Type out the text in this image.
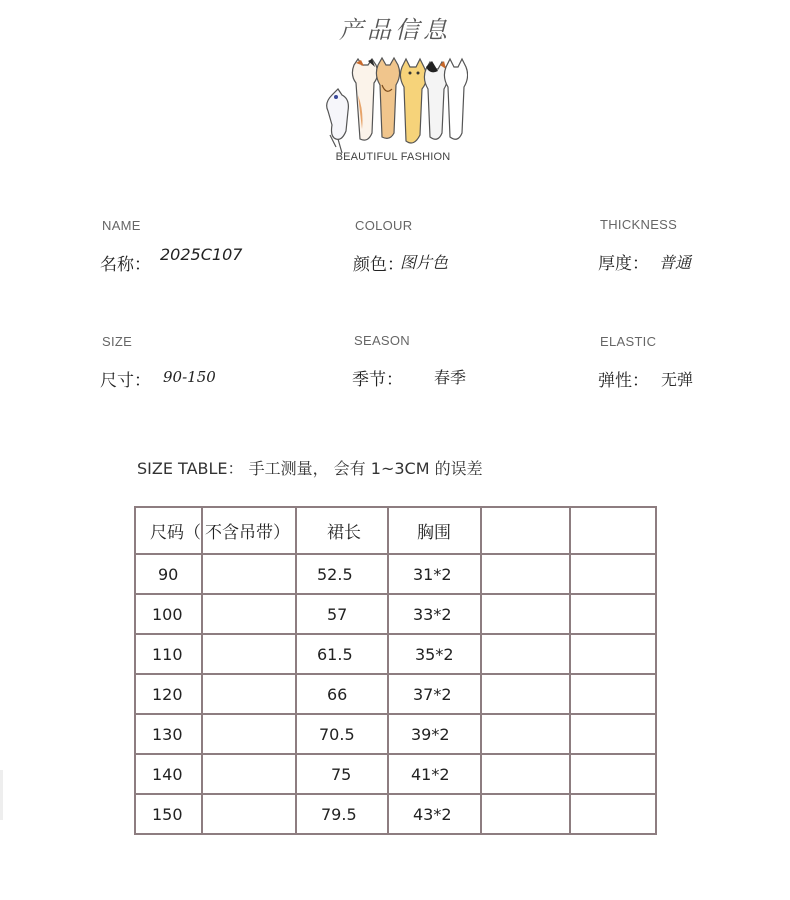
产品信息
BEAUTIFUL FASHION
NAME
名称：
2025C107
COLOUR
颜色：
图片色
THICKNESS
厚度： 普通
SIZE
尺寸： 90-150
SEASON
季节： 春季
ELASTIC
弹性： 无弹
SIZE TABLE： 手工测量， 会有 1~3CM 的误差
尺码（	不含吊带）	裙长	胸围		

90		52.5	31*2		

100		57	33*2		

110		61.5	35*2		

120		66	37*2		

130		70.5	39*2		

140		75	41*2		

150		79.5	43*2		
